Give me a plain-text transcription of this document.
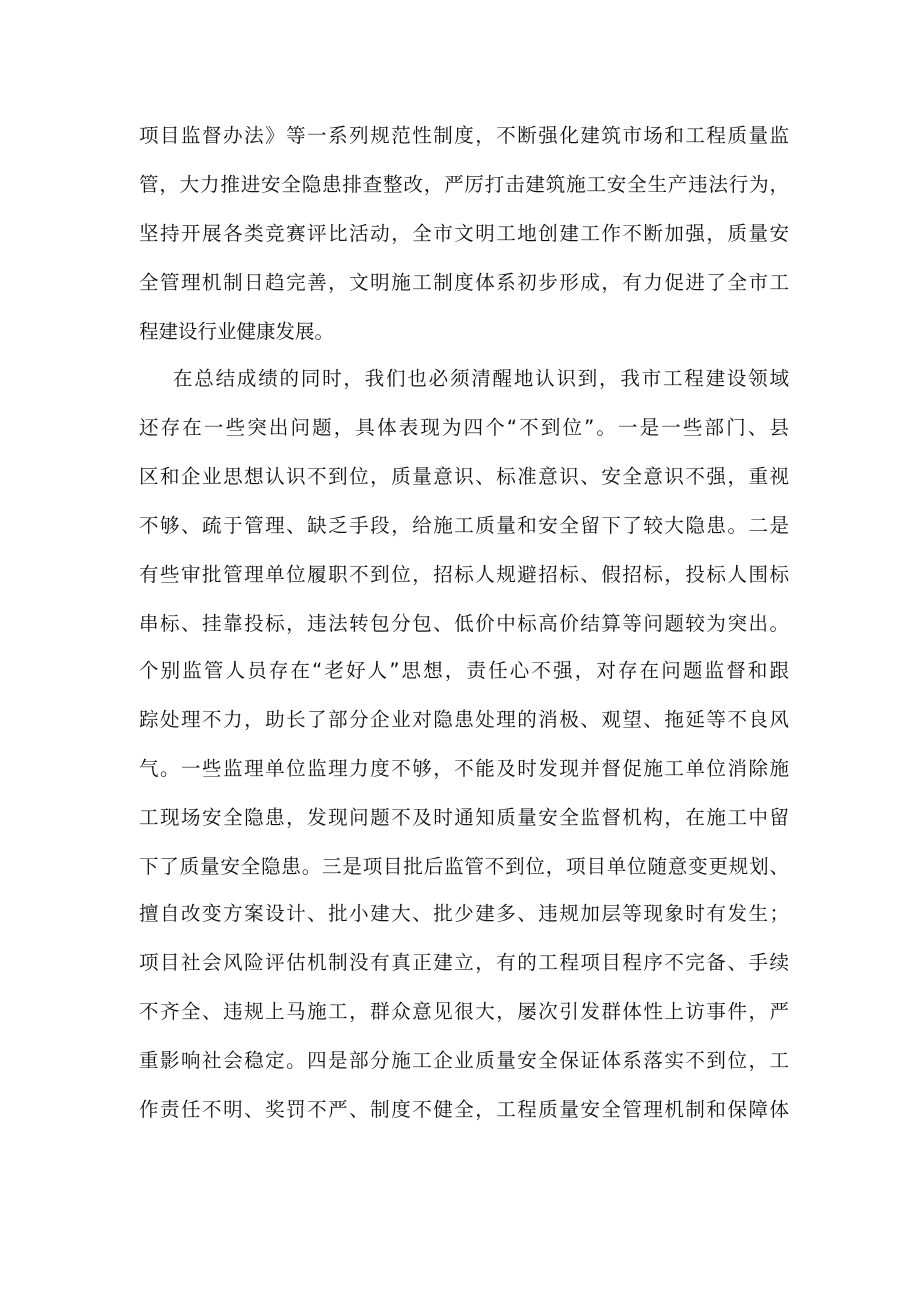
项目监督办法》等一系列规范性制度，不断强化建筑市场和工程质量监
管，大力推进安全隐患排查整改，严厉打击建筑施工安全生产违法行为，
坚持开展各类竞赛评比活动，全市文明工地创建工作不断加强，质量安
全管理机制日趋完善，文明施工制度体系初步形成，有力促进了全市工
程建设行业健康发展。
在总结成绩的同时，我们也必须清醒地认识到，我市工程建设领域
还存在一些突出问题，具体表现为四个“不到位”。一是一些部门、县
区和企业思想认识不到位，质量意识、标准意识、安全意识不强，重视
不够、疏于管理、缺乏手段，给施工质量和安全留下了较大隐患。二是
有些审批管理单位履职不到位，招标人规避招标、假招标，投标人围标
串标、挂靠投标，违法转包分包、低价中标高价结算等问题较为突出。
个别监管人员存在“老好人”思想，责任心不强，对存在问题监督和跟
踪处理不力，助长了部分企业对隐患处理的消极、观望、拖延等不良风
气。一些监理单位监理力度不够，不能及时发现并督促施工单位消除施
工现场安全隐患，发现问题不及时通知质量安全监督机构，在施工中留
下了质量安全隐患。三是项目批后监管不到位，项目单位随意变更规划、
擅自改变方案设计、批小建大、批少建多、违规加层等现象时有发生；
项目社会风险评估机制没有真正建立，有的工程项目程序不完备、手续
不齐全、违规上马施工，群众意见很大，屡次引发群体性上访事件，严
重影响社会稳定。四是部分施工企业质量安全保证体系落实不到位，工
作责任不明、奖罚不严、制度不健全，工程质量安全管理机制和保障体
